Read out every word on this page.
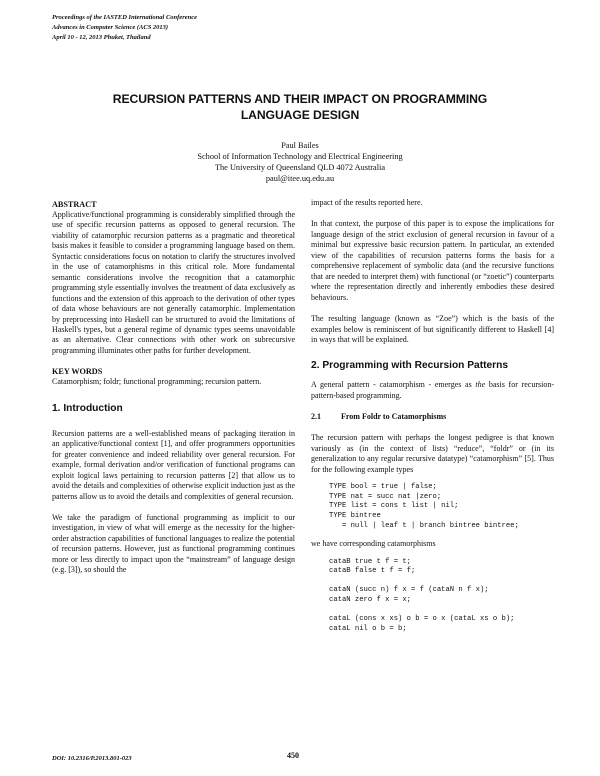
Proceedings of the IASTED International Conference
Advances in Computer Science (ACS 2013)
April 10 - 12, 2013 Phuket, Thailand
RECURSION PATTERNS AND THEIR IMPACT ON PROGRAMMING
LANGUAGE DESIGN
Paul Bailes
School of Information Technology and Electrical Engineering
The University of Queensland QLD 4072 Australia
paul@itee.uq.edu.au

ABSTRACT

Applicative/functional programming is considerably simplified through the use of specific recursion patterns as opposed to general recursion. The viability of catamorphic recursion patterns as a pragmatic and theoretical basis makes it feasible to consider a programming language based on them. Syntactic considerations focus on notation to clarify the structures involved in the use of catamorphisms in this critical role. More fundamental semantic considerations involve the recognition that a catamorphic programming style essentially involves the treatment of data exclusively as functions and the extension of this approach to the derivation of other types of data whose behaviours are not generally catamorphic. Implementation by preprocessing into Haskell can be structured to avoid the limitations of Haskell's types, but a general regime of dynamic types seems unavoidable as an alternative. Clear connections with other work on subrecursive programming illuminates other paths for further development.

KEY WORDS

Catamorphism; foldr; functional programming; recursion pattern.

1. Introduction

Recursion patterns are a well-established means of packaging iteration in an applicative/functional context [1], and offer programmers opportunities for greater convenience and indeed reliability over general recursion. For example, formal derivation and/or verification of functional programs can exploit logical laws pertaining to recursion patterns [2] that allow us to avoid the details and complexities of otherwise explicit induction just as the patterns allow us to avoid the details and complexities of general recursion.

We take the paradigm of functional programming as implicit to our investigation, in view of what will emerge as the necessity for the higher-order abstraction capabilities of functional languages to realize the potential of recursion patterns. However, just as functional programming continues more or less directly to impact upon the “mainstream” of language design (e.g. [3]), so should the

impact of the results reported here.

In that context, the purpose of this paper is to expose the implications for language design of the strict exclusion of general recursion in favour of a minimal but expressive basic recursion pattern. In particular, an extended view of the capabilities of recursion patterns forms the basis for a comprehensive replacement of symbolic data (and the recursive functions that are needed to interpret them) with functional (or “zoetic”) counterparts where the representation directly and inherently embodies these desired behaviours.

The resulting language (known as “Zoe”) which is the basis of the examples below is reminiscent of but significantly different to Haskell [4] in ways that will be explained.

2. Programming with Recursion Patterns

A general pattern - catamorphism - emerges as the basis for recursion-pattern-based programming.

2.1	From Foldr to Catamorphisms

The recursion pattern with perhaps the longest pedigree is that known variously as (in the context of lists) “reduce”, “foldr” or (in its generalization to any regular recursive datatype) “catamorphism” [5]. Thus for the following example types

TYPE bool = true | false;
TYPE nat = succ nat |zero;
TYPE list = cons t list | nil;
TYPE bintree
= null | leaf t | branch bintree bintree;

we have corresponding catamorphisms

cataB true t f = t;
cataB false t f = f;
cataN (succ n) f x = f (cataN n f x);
cataN zero f x = x;
cataL (cons x xs) o b = o x (cataL xs o b);
cataL nil o b = b;
DOI: 10.2316/P.2013.801-023	450
